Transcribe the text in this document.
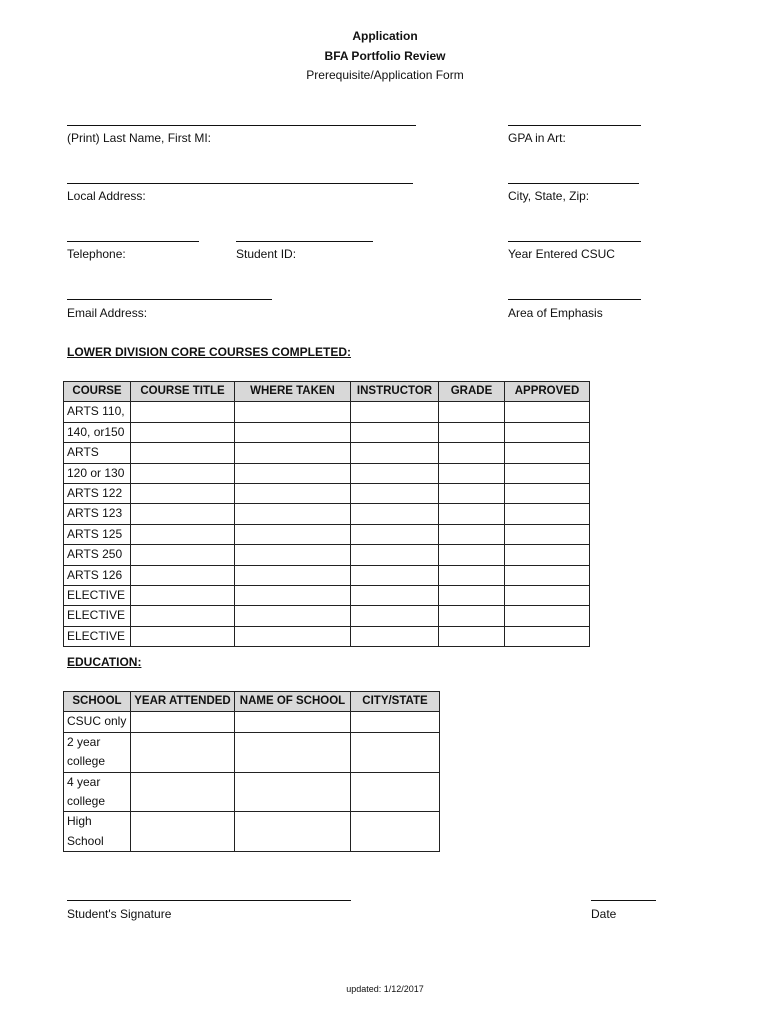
Application
BFA Portfolio Review
Prerequisite/Application Form
(Print) Last Name, First MI:	GPA in Art:
Local Address:	City, State, Zip:
Telephone:	Student ID:	Year Entered CSUC
Email Address:	Area of Emphasis
LOWER DIVISION CORE COURSES COMPLETED:
COURSE	COURSE TITLE	WHERE TAKEN	INSTRUCTOR	GRADE	APPROVED
ARTS 110,					
140, or150					
ARTS					
120 or 130					
ARTS 122					
ARTS 123					
ARTS 125					
ARTS 250					
ARTS 126					
ELECTIVE					
ELECTIVE					
ELECTIVE					
EDUCATION:
SCHOOL	YEAR ATTENDED	NAME OF SCHOOL	CITY/STATE

CSUC only			

2 year
college			

4 year
college			

High
School			

Student's Signature	Date
updated: 1/12/2017
